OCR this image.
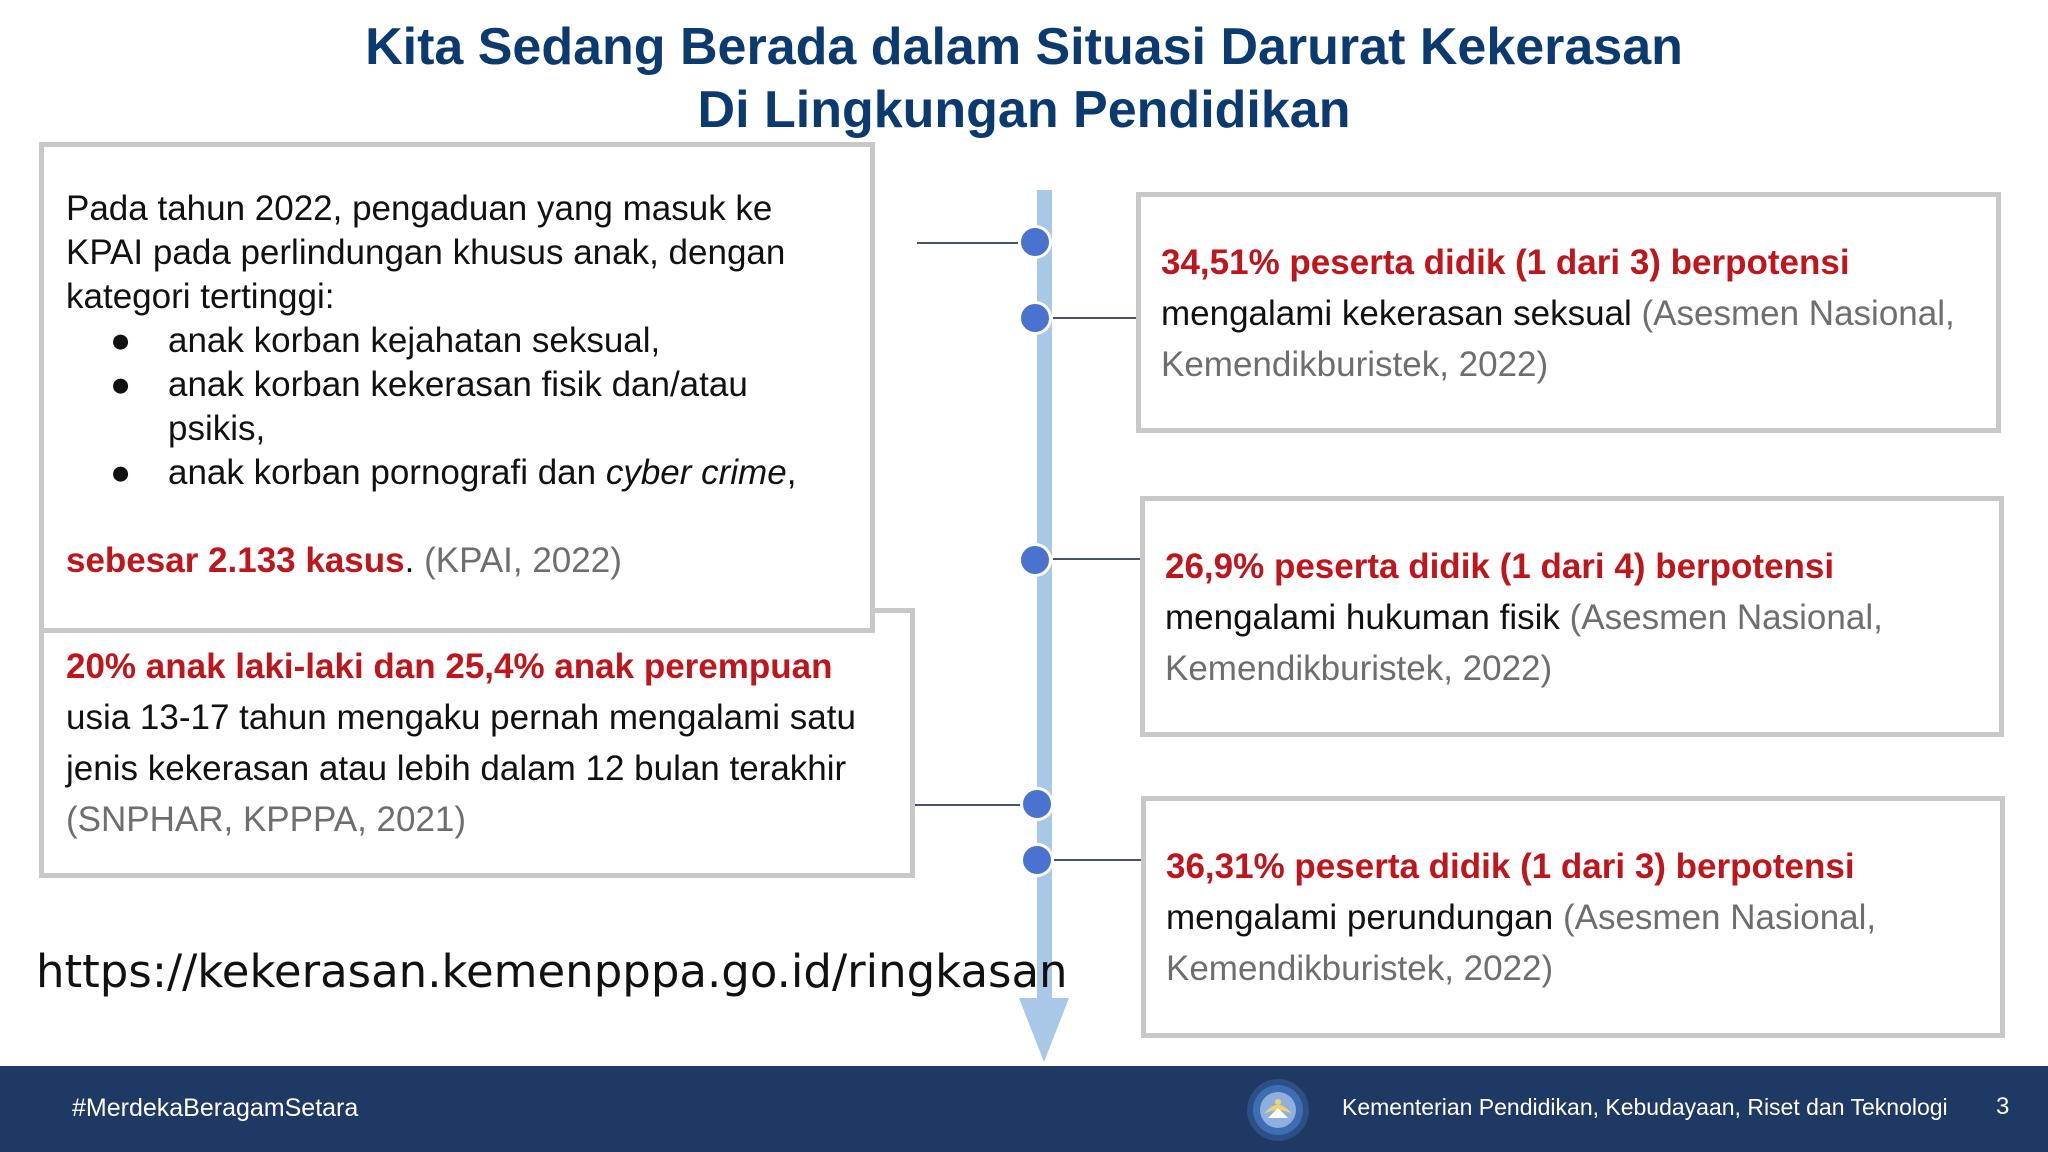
Kita Sedang Berada dalam Situasi Darurat Kekerasan
Di Lingkungan Pendidikan
20% anak laki-laki dan 25,4% anak perempuan
usia 13-17 tahun mengaku pernah mengalami satu jenis kekerasan atau lebih dalam 12 bulan terakhir (SNPHAR, KPPPA, 2021)
Pada tahun 2022, pengaduan yang masuk ke KPAI pada perlindungan khusus anak, dengan kategori tertinggi:
● anak korban kejahatan seksual,
● anak korban kekerasan fisik dan/atau psikis,
● anak korban pornografi dan cyber crime,
sebesar 2.133 kasus. (KPAI, 2022)
34,51% peserta didik (1 dari 3) berpotensi
mengalami kekerasan seksual (Asesmen Nasional, Kemendikburistek, 2022)
26,9% peserta didik (1 dari 4) berpotensi
mengalami hukuman fisik (Asesmen Nasional, Kemendikburistek, 2022)
36,31% peserta didik (1 dari 3) berpotensi
mengalami perundungan (Asesmen Nasional, Kemendikburistek, 2022)
https://kekerasan.kemenpppa.go.id/ringkasan
#MerdekaBeragamSetara	Kementerian Pendidikan, Kebudayaan, Riset dan Teknologi 3
